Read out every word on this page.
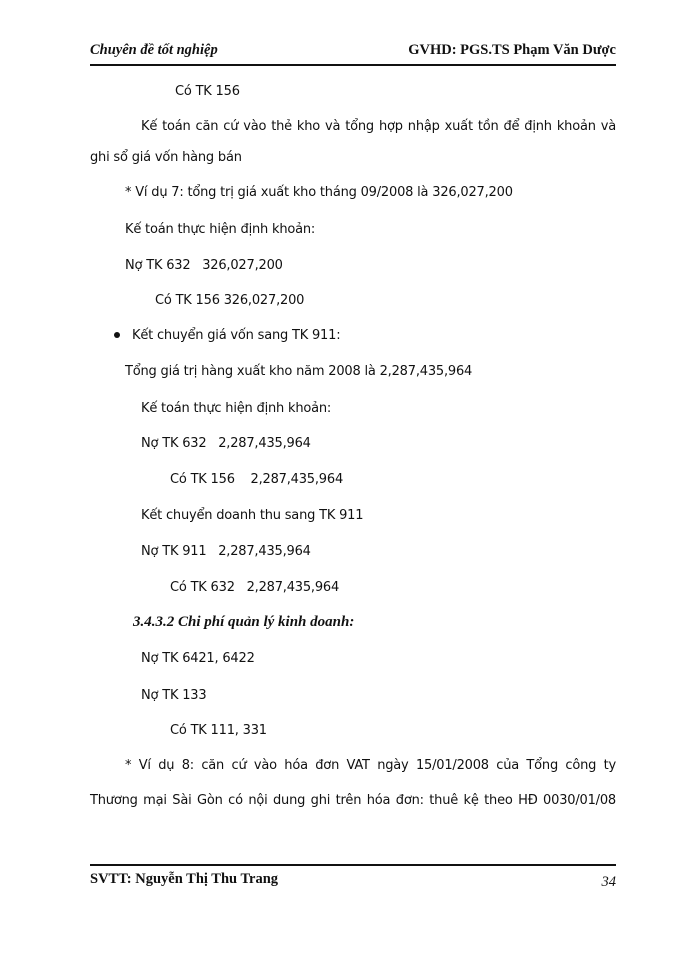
Chuyên đề tốt nghiệp	GVHD: PGS.TS Phạm Văn Dược
Có TK 156
Kế toán căn cứ vào thẻ kho và tổng hợp nhập xuất tồn để định khoản và
ghi sổ giá vốn hàng bán
* Ví dụ 7: tổng trị giá xuất kho tháng 09/2008 là 326,027,200
Kế toán thực hiện định khoản:
Nợ TK 632   326,027,200
Có TK 156 326,027,200
Kết chuyển giá vốn sang TK 911:
Tổng giá trị hàng xuất kho năm 2008 là 2,287,435,964
Kế toán thực hiện định khoản:
Nợ TK 632   2,287,435,964
Có TK 156    2,287,435,964
Kết chuyển doanh thu sang TK 911
Nợ TK 911   2,287,435,964
Có TK 632   2,287,435,964
3.4.3.2 Chi phí quản lý kinh doanh:
Nợ TK 6421, 6422
Nợ TK 133
Có TK 111, 331
* Ví dụ 8: căn cứ vào hóa đơn VAT ngày 15/01/2008 của Tổng công ty
Thương mại Sài Gòn có nội dung ghi trên hóa đơn: thuê kệ theo HĐ 0030/01/08
SVTT: Nguyễn Thị Thu Trang	34
